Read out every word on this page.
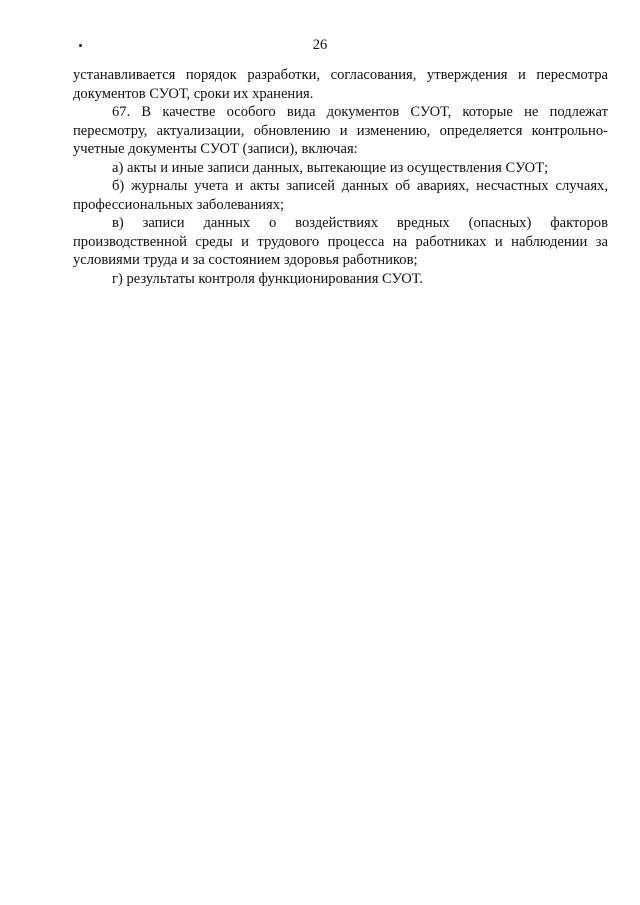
26

устанавливается порядок разработки, согласования, утверждения и пересмотра документов СУОТ, сроки их хранения.

67. В качестве особого вида документов СУОТ, которые не подлежат пересмотру, актуализации, обновлению и изменению, определяется контрольно-учетные документы СУОТ (записи), включая:

а) акты и иные записи данных, вытекающие из осуществления СУОТ;

б) журналы учета и акты записей данных об авариях, несчастных случаях, профессиональных заболеваниях;

в) записи данных о воздействиях вредных (опасных) факторов производственной среды и трудового процесса на работниках и наблюдении за условиями труда и за состоянием здоровья работников;

г) результаты контроля функционирования СУОТ.
